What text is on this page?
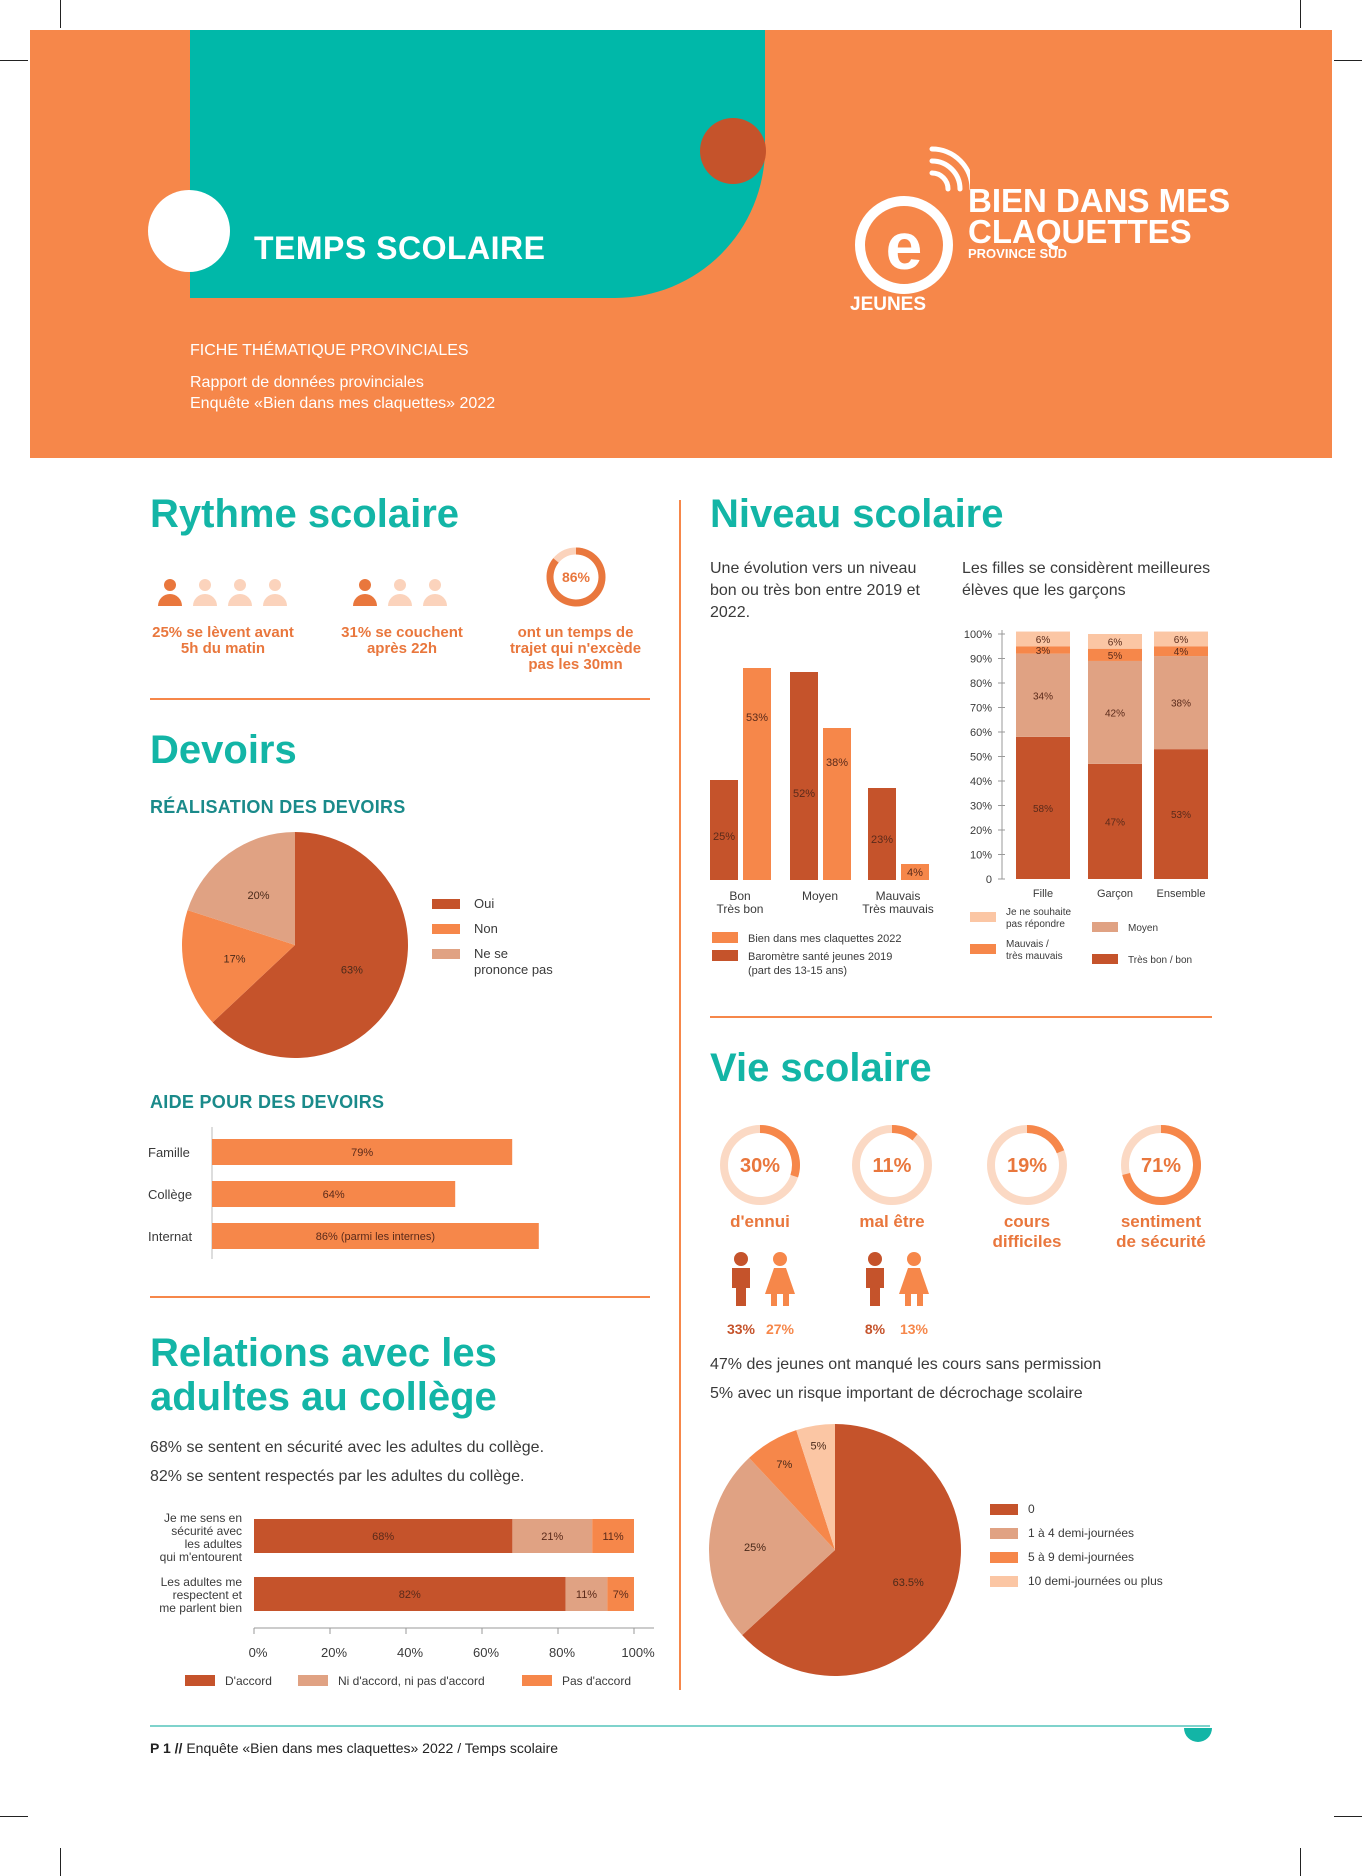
TEMPS SCOLAIRE
FICHE THÉMATIQUE PROVINCIALES
Rapport de données provinciales
Enquête «Bien dans mes claquettes» 2022
e
BIEN DANS MES
CLAQUETTES
PROVINCE SUD
JEUNES
Rythme scolaire
86%
25% se lèvent avant 5h du matin
31% se couchent après 22h
ont un temps de trajet qui n'excède pas les 30mn
Devoirs
RÉALISATION DES DEVOIRS
63%
17%
20%
Oui
Non
Ne se
prononce pas
AIDE POUR DES DEVOIRS
Famille	79%
Collège	64%
Internat	86% (parmi les internes)
Relations avec les
adultes au collège
68% se sentent en sécurité avec les adultes du collège.
82% se sentent respectés par les adultes du collège.
Je me sens en
sécurité avec
les adultes
qui m'entourent
68%	21%	11%
Les adultes me
respectent et
me parlent bien
82%	11% 7%
0%	20%	40%	60%	80%	100%
D'accord	Ni d'accord, ni pas d'accord	Pas d'accord
Niveau scolaire
Une évolution vers un niveau bon ou très bon entre 2019 et 2022.
Les filles se considèrent meilleures élèves que les garçons
25%
53%
Bon
Très bon
52%
38%
Moyen
23%
4%
Mauvais
Très mauvais
Bien dans mes claquettes 2022
Baromètre santé jeunes 2019
(part des 13-15 ans)
0
10%
20%
30%
40%
50%
60%
70%
80%
90%
100%
58%
34%
3%
6%
Fille
47%
42%
5%
6%
Garçon
53%
38%
4%
6%
Ensemble
Je ne souhaite
pas répondre
Mauvais /
très mauvais
Moyen
Très bon / bon
Vie scolaire
30%
d'ennui
11%
mal être
19%
cours
difficiles
71%
sentiment
de sécurité
33% 27%	8% 13%
47% des jeunes ont manqué les cours sans permission
5% avec un risque important de décrochage scolaire
63.5%
25%
7%
5%
0
1 à 4 demi-journées
5 à 9 demi-journées
10 demi-journées ou plus
P 1 // Enquête «Bien dans mes claquettes» 2022 / Temps scolaire
